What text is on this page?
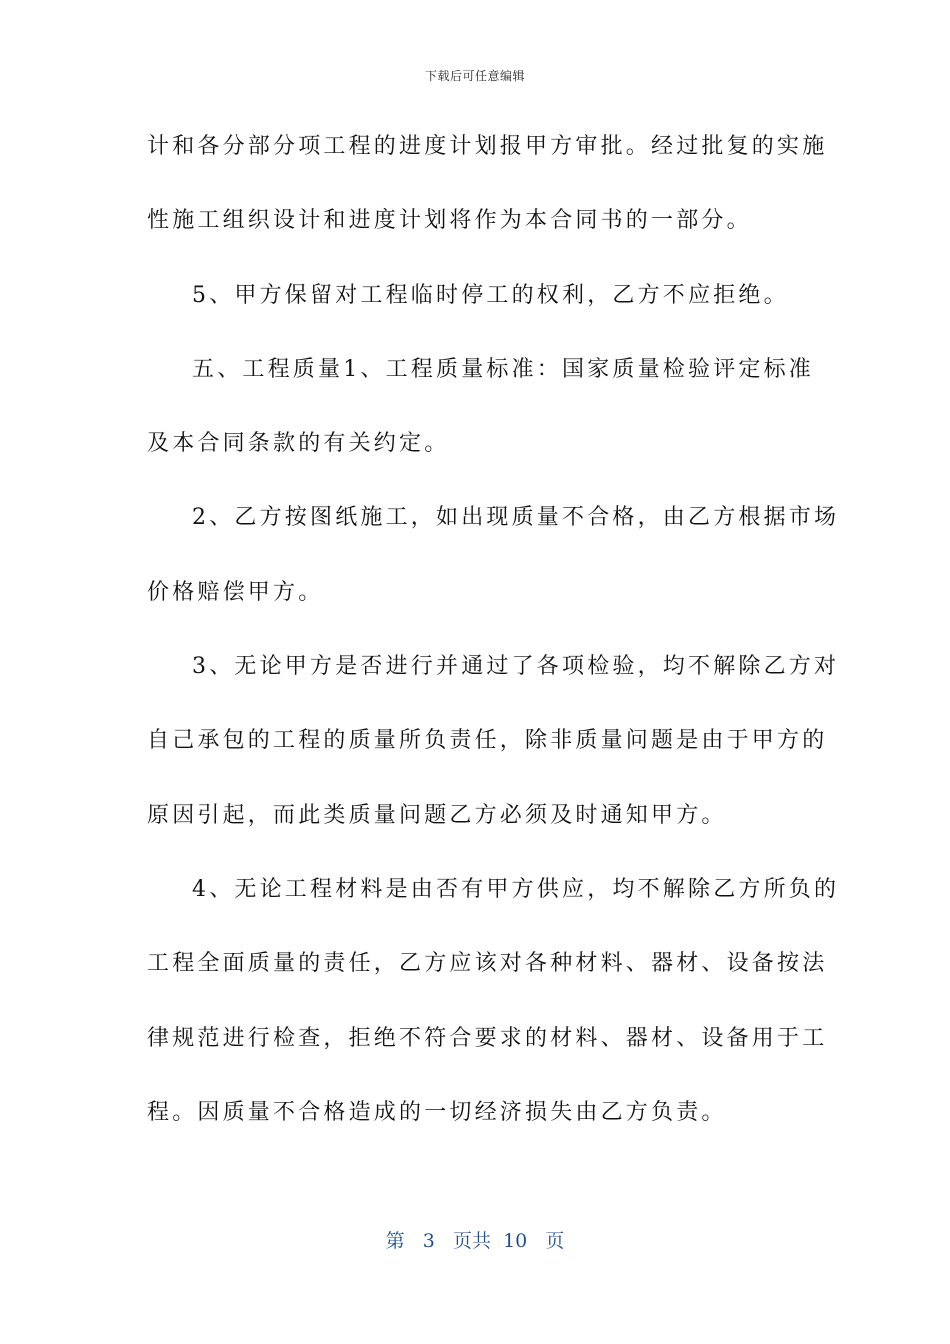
下载后可任意编辑
计和各分部分项工程的进度计划报甲方审批。经过批复的实施
性施工组织设计和进度计划将作为本合同书的一部分。
5、甲方保留对工程临时停工的权利，乙方不应拒绝。
五、工程质量1、工程质量标准：国家质量检验评定标准
及本合同条款的有关约定。
2、乙方按图纸施工，如出现质量不合格，由乙方根据市场
价格赔偿甲方。
3、无论甲方是否进行并通过了各项检验，均不解除乙方对
自己承包的工程的质量所负责任，除非质量问题是由于甲方的
原因引起，而此类质量问题乙方必须及时通知甲方。
4、无论工程材料是由否有甲方供应，均不解除乙方所负的
工程全面质量的责任，乙方应该对各种材料、器材、设备按法
律规范进行检查，拒绝不符合要求的材料、器材、设备用于工
程。因质量不合格造成的一切经济损失由乙方负责。
第 3 页共 10 页
